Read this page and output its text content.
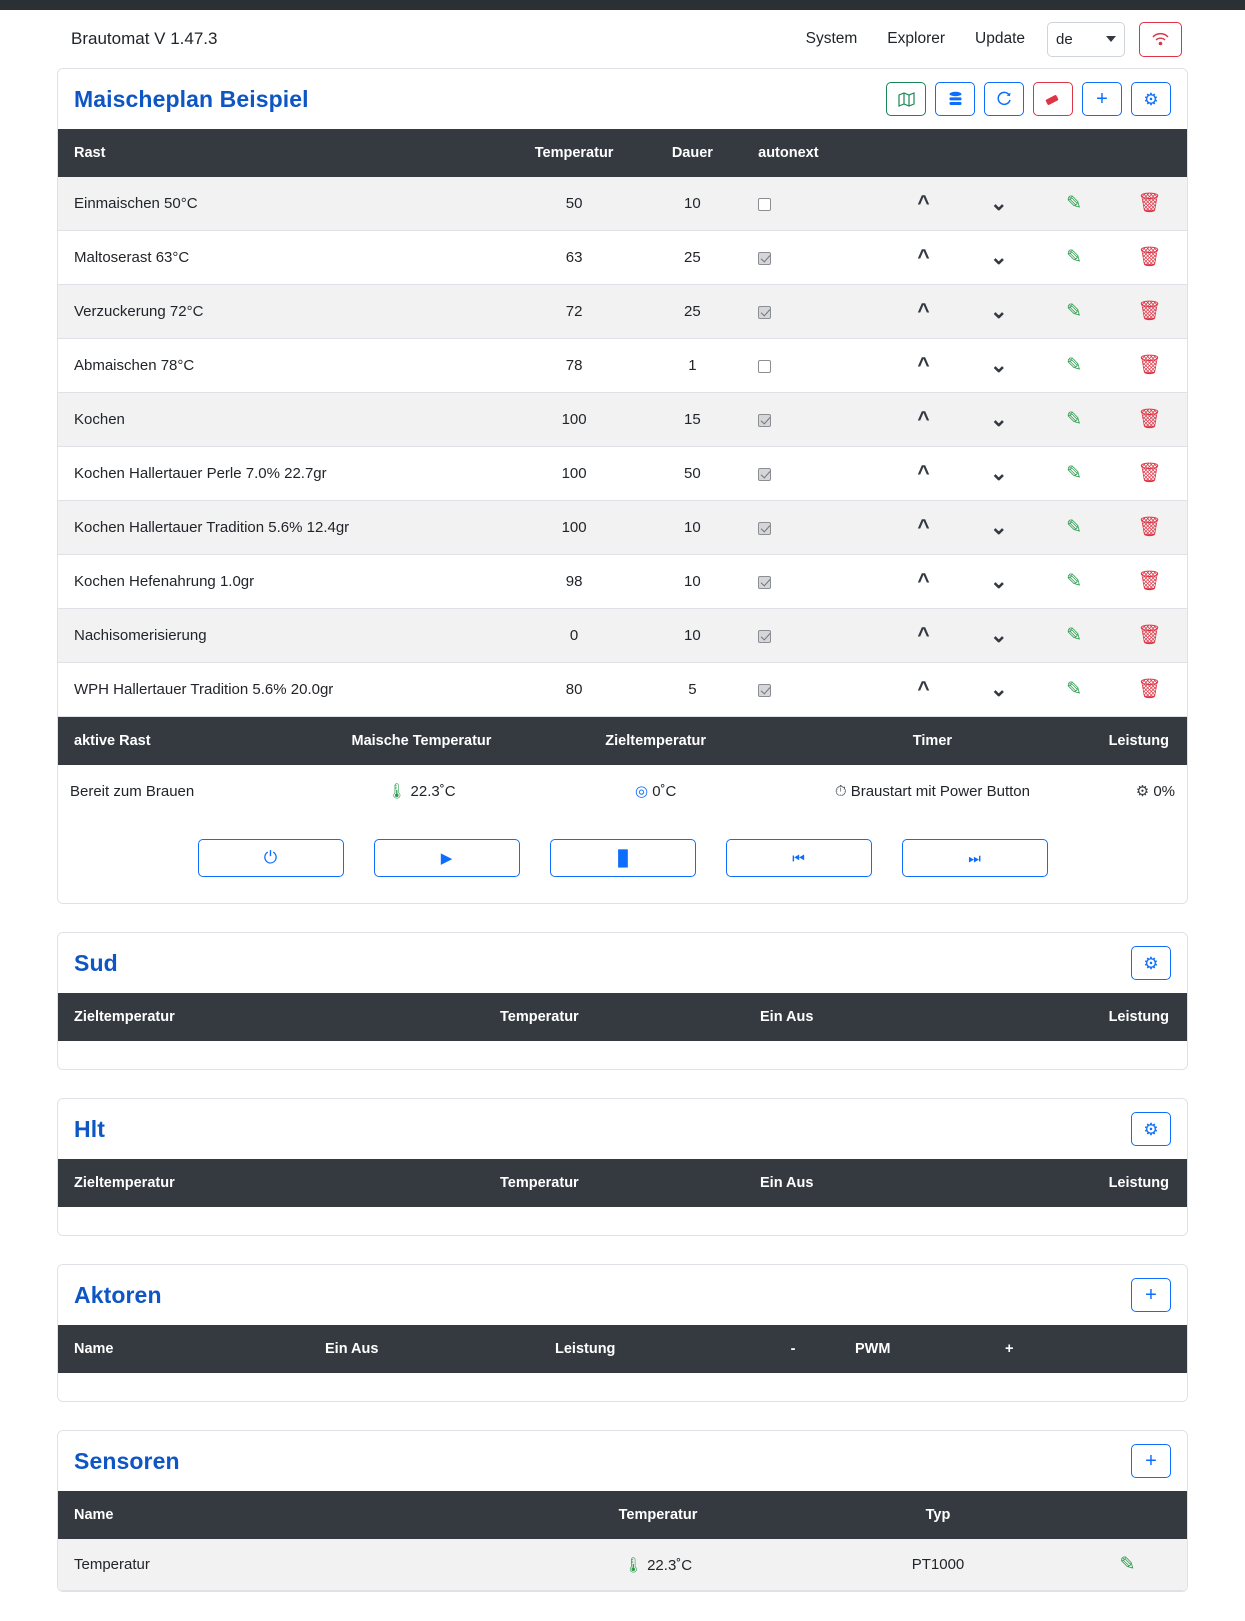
Brautomat V 1.47.3	System Explorer Update de
Maischeplan Beispiel	+ ⚙
Rast	Temperatur	Dauer	autonext				
Einmaischen 50°C	50	10		^	⌄	✎	🗑
Maltoserast 63°C	63	25		^	⌄	✎	🗑
Verzuckerung 72°C	72	25		^	⌄	✎	🗑
Abmaischen 78°C	78	1		^	⌄	✎	🗑
Kochen	100	15		^	⌄	✎	🗑
Kochen Hallertauer Perle 7.0% 22.7gr	100	50		^	⌄	✎	🗑
Kochen Hallertauer Tradition 5.6% 12.4gr	100	10		^	⌄	✎	🗑
Kochen Hefenahrung 1.0gr	98	10		^	⌄	✎	🗑
Nachisomerisierung	0	10		^	⌄	✎	🗑
WPH Hallertauer Tradition 5.6% 20.0gr	80	5		^	⌄	✎	🗑
aktive Rast	Maische Temperatur	Zieltemperatur	Timer	Leistung
Bereit zum Brauen	🌡 22.3˚C	◎ 0˚C	⏱ Braustart mit Power Button	⚙ 0%
⏻	▶	▐▌	⏮	⏭
Sud	⚙
Zieltemperatur	Temperatur	Ein Aus	Leistung
Hlt	⚙
Zieltemperatur	Temperatur	Ein Aus	Leistung
Aktoren	+
Name	Ein Aus	Leistung	-	PWM	+
Sensoren	+
Name	Temperatur	Typ	
Temperatur	🌡 22.3˚C	PT1000	✎
